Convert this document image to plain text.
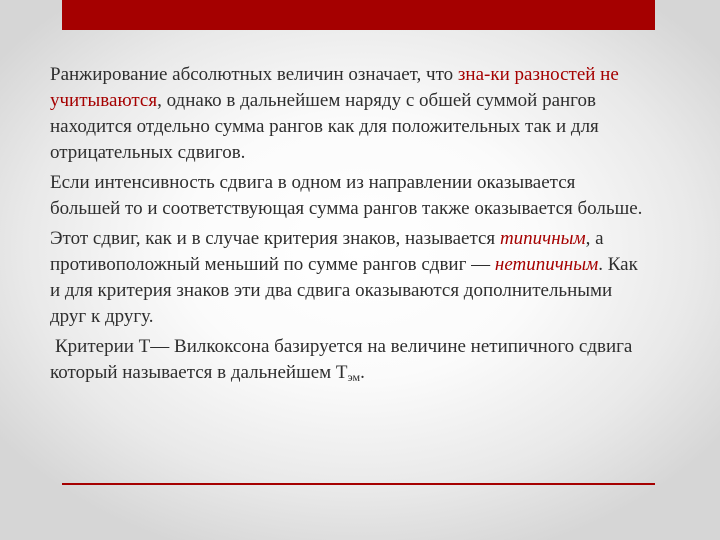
Ранжирование абсолютных величин означает, что зна-ки разностей не учитываются, однако в дальнейшем наряду с обшей суммой рангов находится отдельно сумма рангов как для положительных так и для отрицательных сдвигов.

Если интенсивность сдвига в одном из направлении оказывается большей то и соответствующая сумма рангов также оказывается больше.

Этот сдвиг, как и в случае критерия знаков, называется типичным, а противоположный меньший по сумме рангов сдвиг — нетипичным. Как и для критерия знаков эти два сдвига оказываются дополнительными друг к другу.

Критерии Т— Вилкоксона базируется на величине нетипичного сдвига который называется в дальнейшем $Т_{эм}$.
